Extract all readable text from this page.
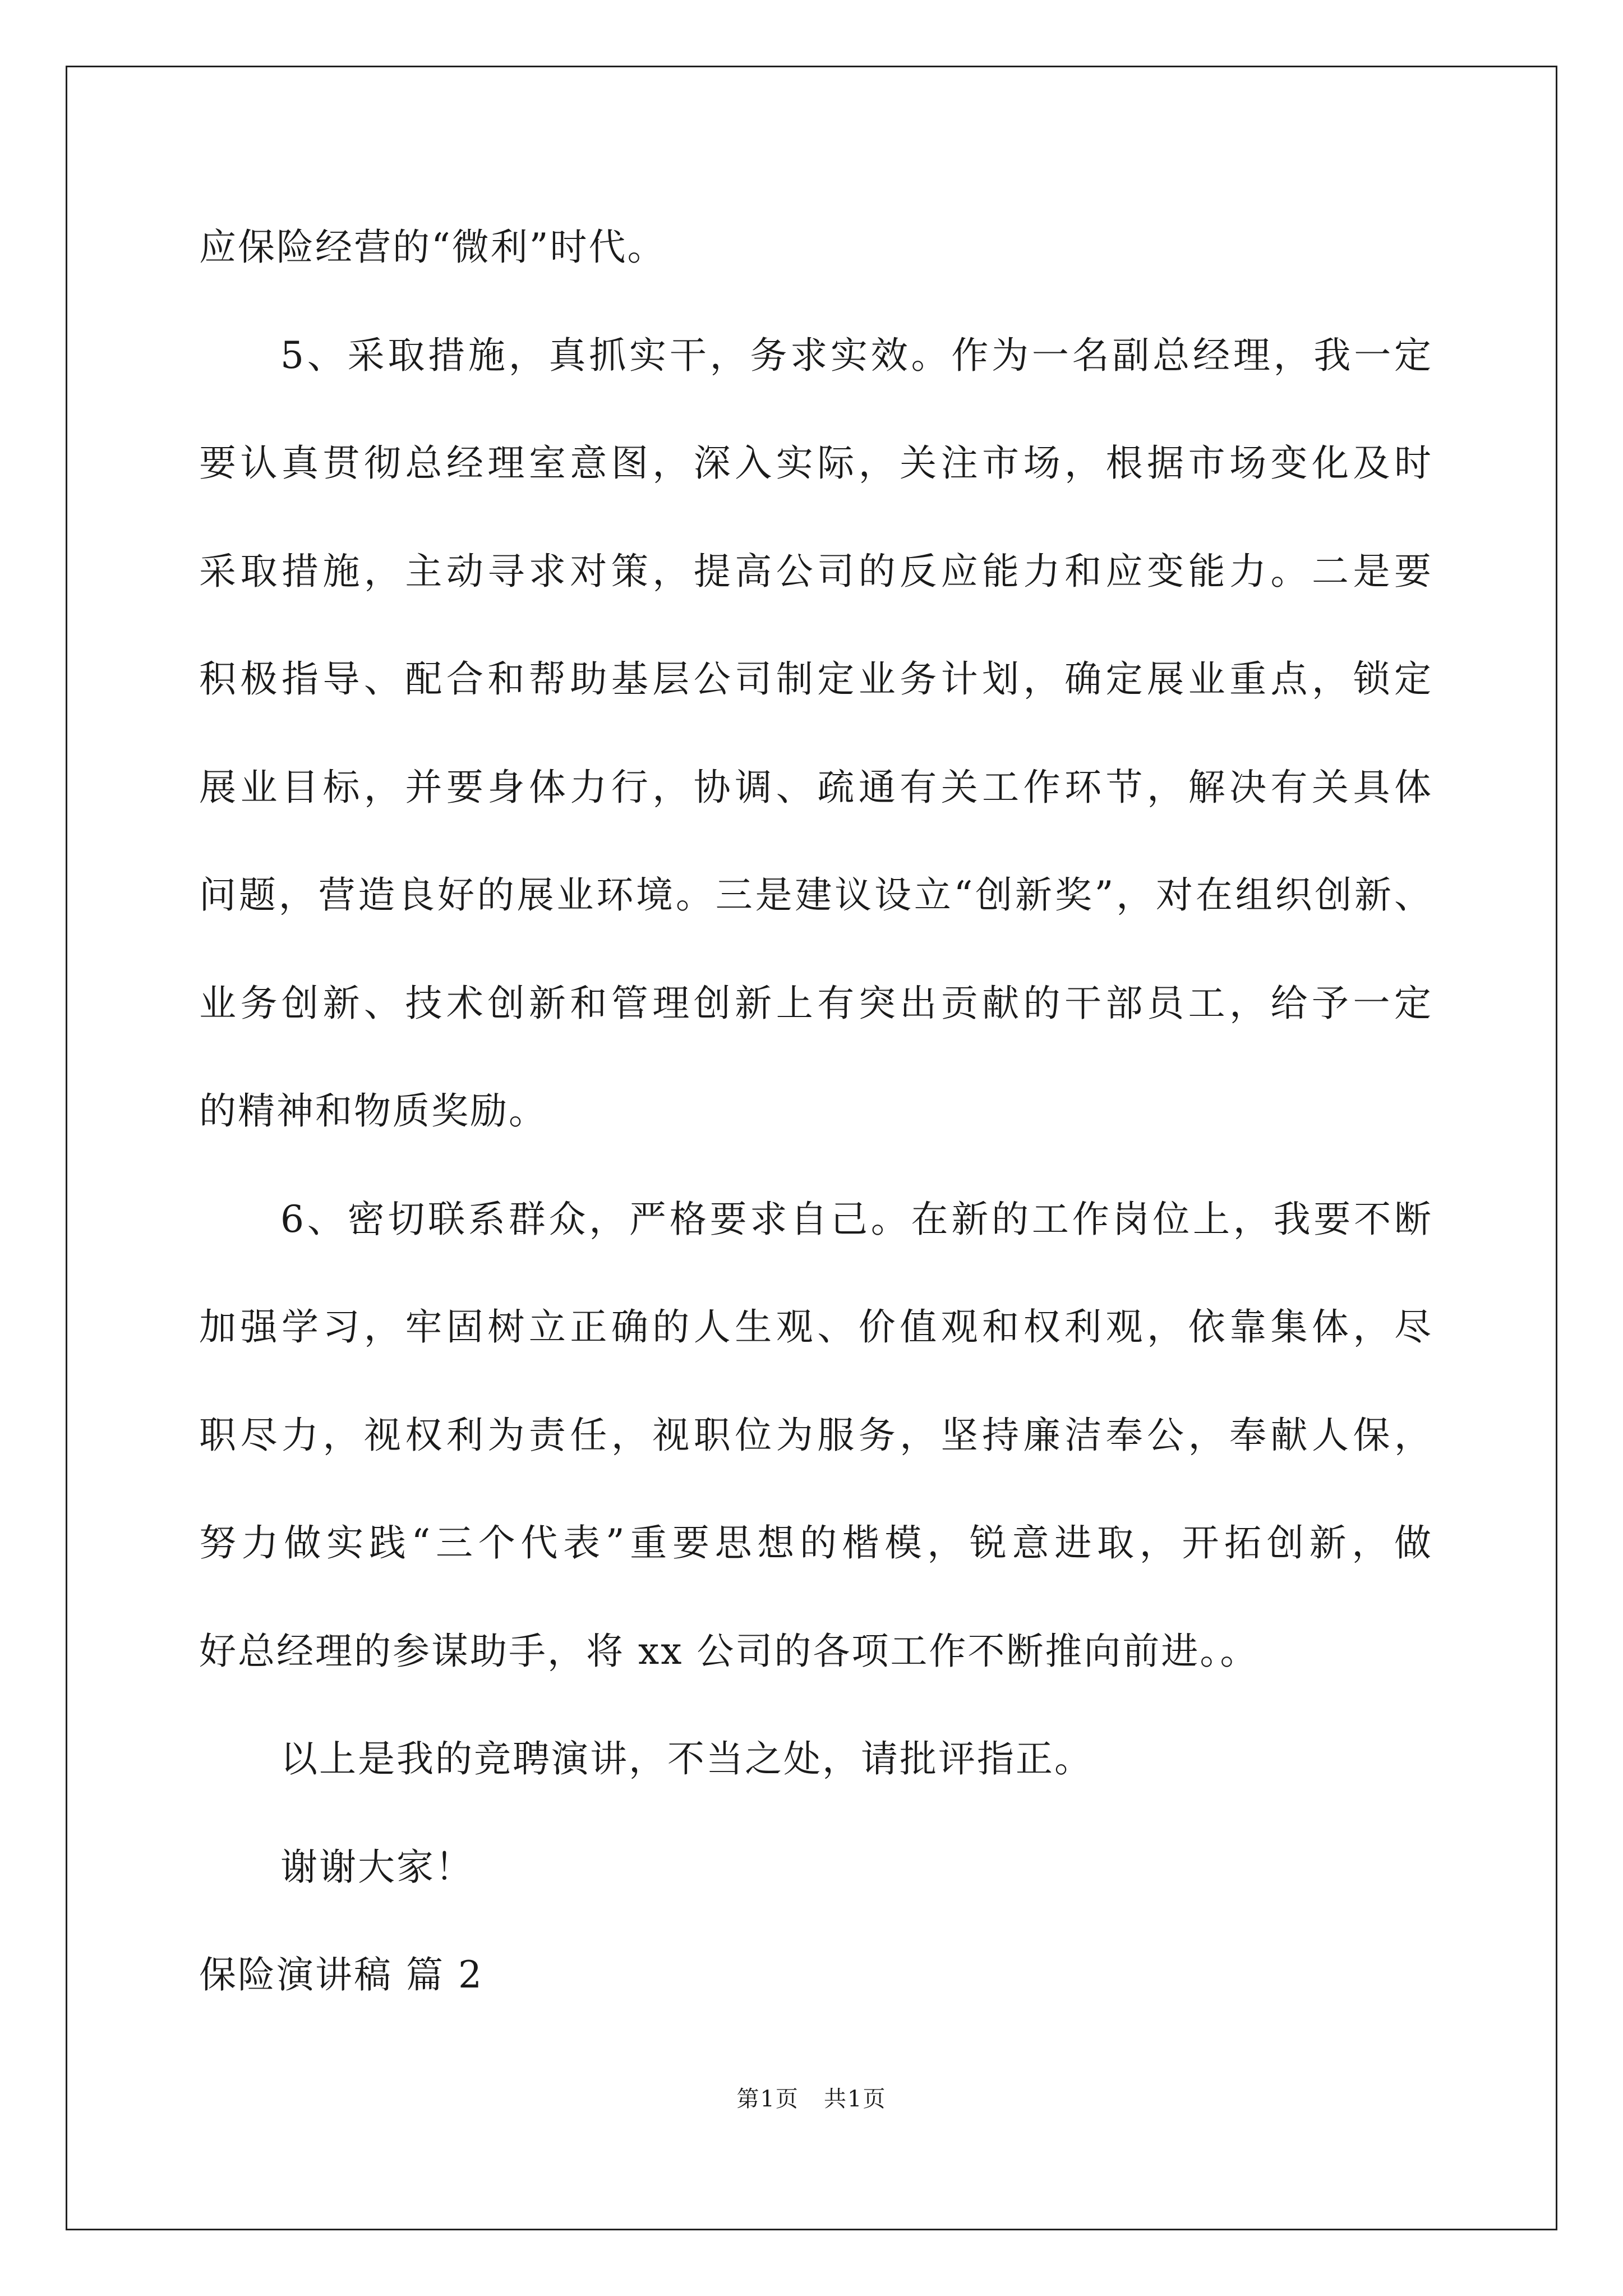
应保险经营的“微利”时代。
5、采取措施，真抓实干，务求实效。作为一名副总经理，我一定
要认真贯彻总经理室意图，深入实际，关注市场，根据市场变化及时
采取措施，主动寻求对策，提高公司的反应能力和应变能力。二是要
积极指导、配合和帮助基层公司制定业务计划，确定展业重点，锁定
展业目标，并要身体力行，协调、疏通有关工作环节，解决有关具体
问题，营造良好的展业环境。三是建议设立“创新奖”，对在组织创新、
业务创新、技术创新和管理创新上有突出贡献的干部员工，给予一定
的精神和物质奖励。
6、密切联系群众，严格要求自己。在新的工作岗位上，我要不断
加强学习，牢固树立正确的人生观、价值观和权利观，依靠集体，尽
职尽力，视权利为责任，视职位为服务，坚持廉洁奉公，奉献人保，
努力做实践“三个代表”重要思想的楷模，锐意进取，开拓创新，做
好总经理的参谋助手，将 xx 公司的各项工作不断推向前进。。
以上是我的竞聘演讲，不当之处，请批评指正。
谢谢大家！
保险演讲稿 篇 2
第1页   共1页
